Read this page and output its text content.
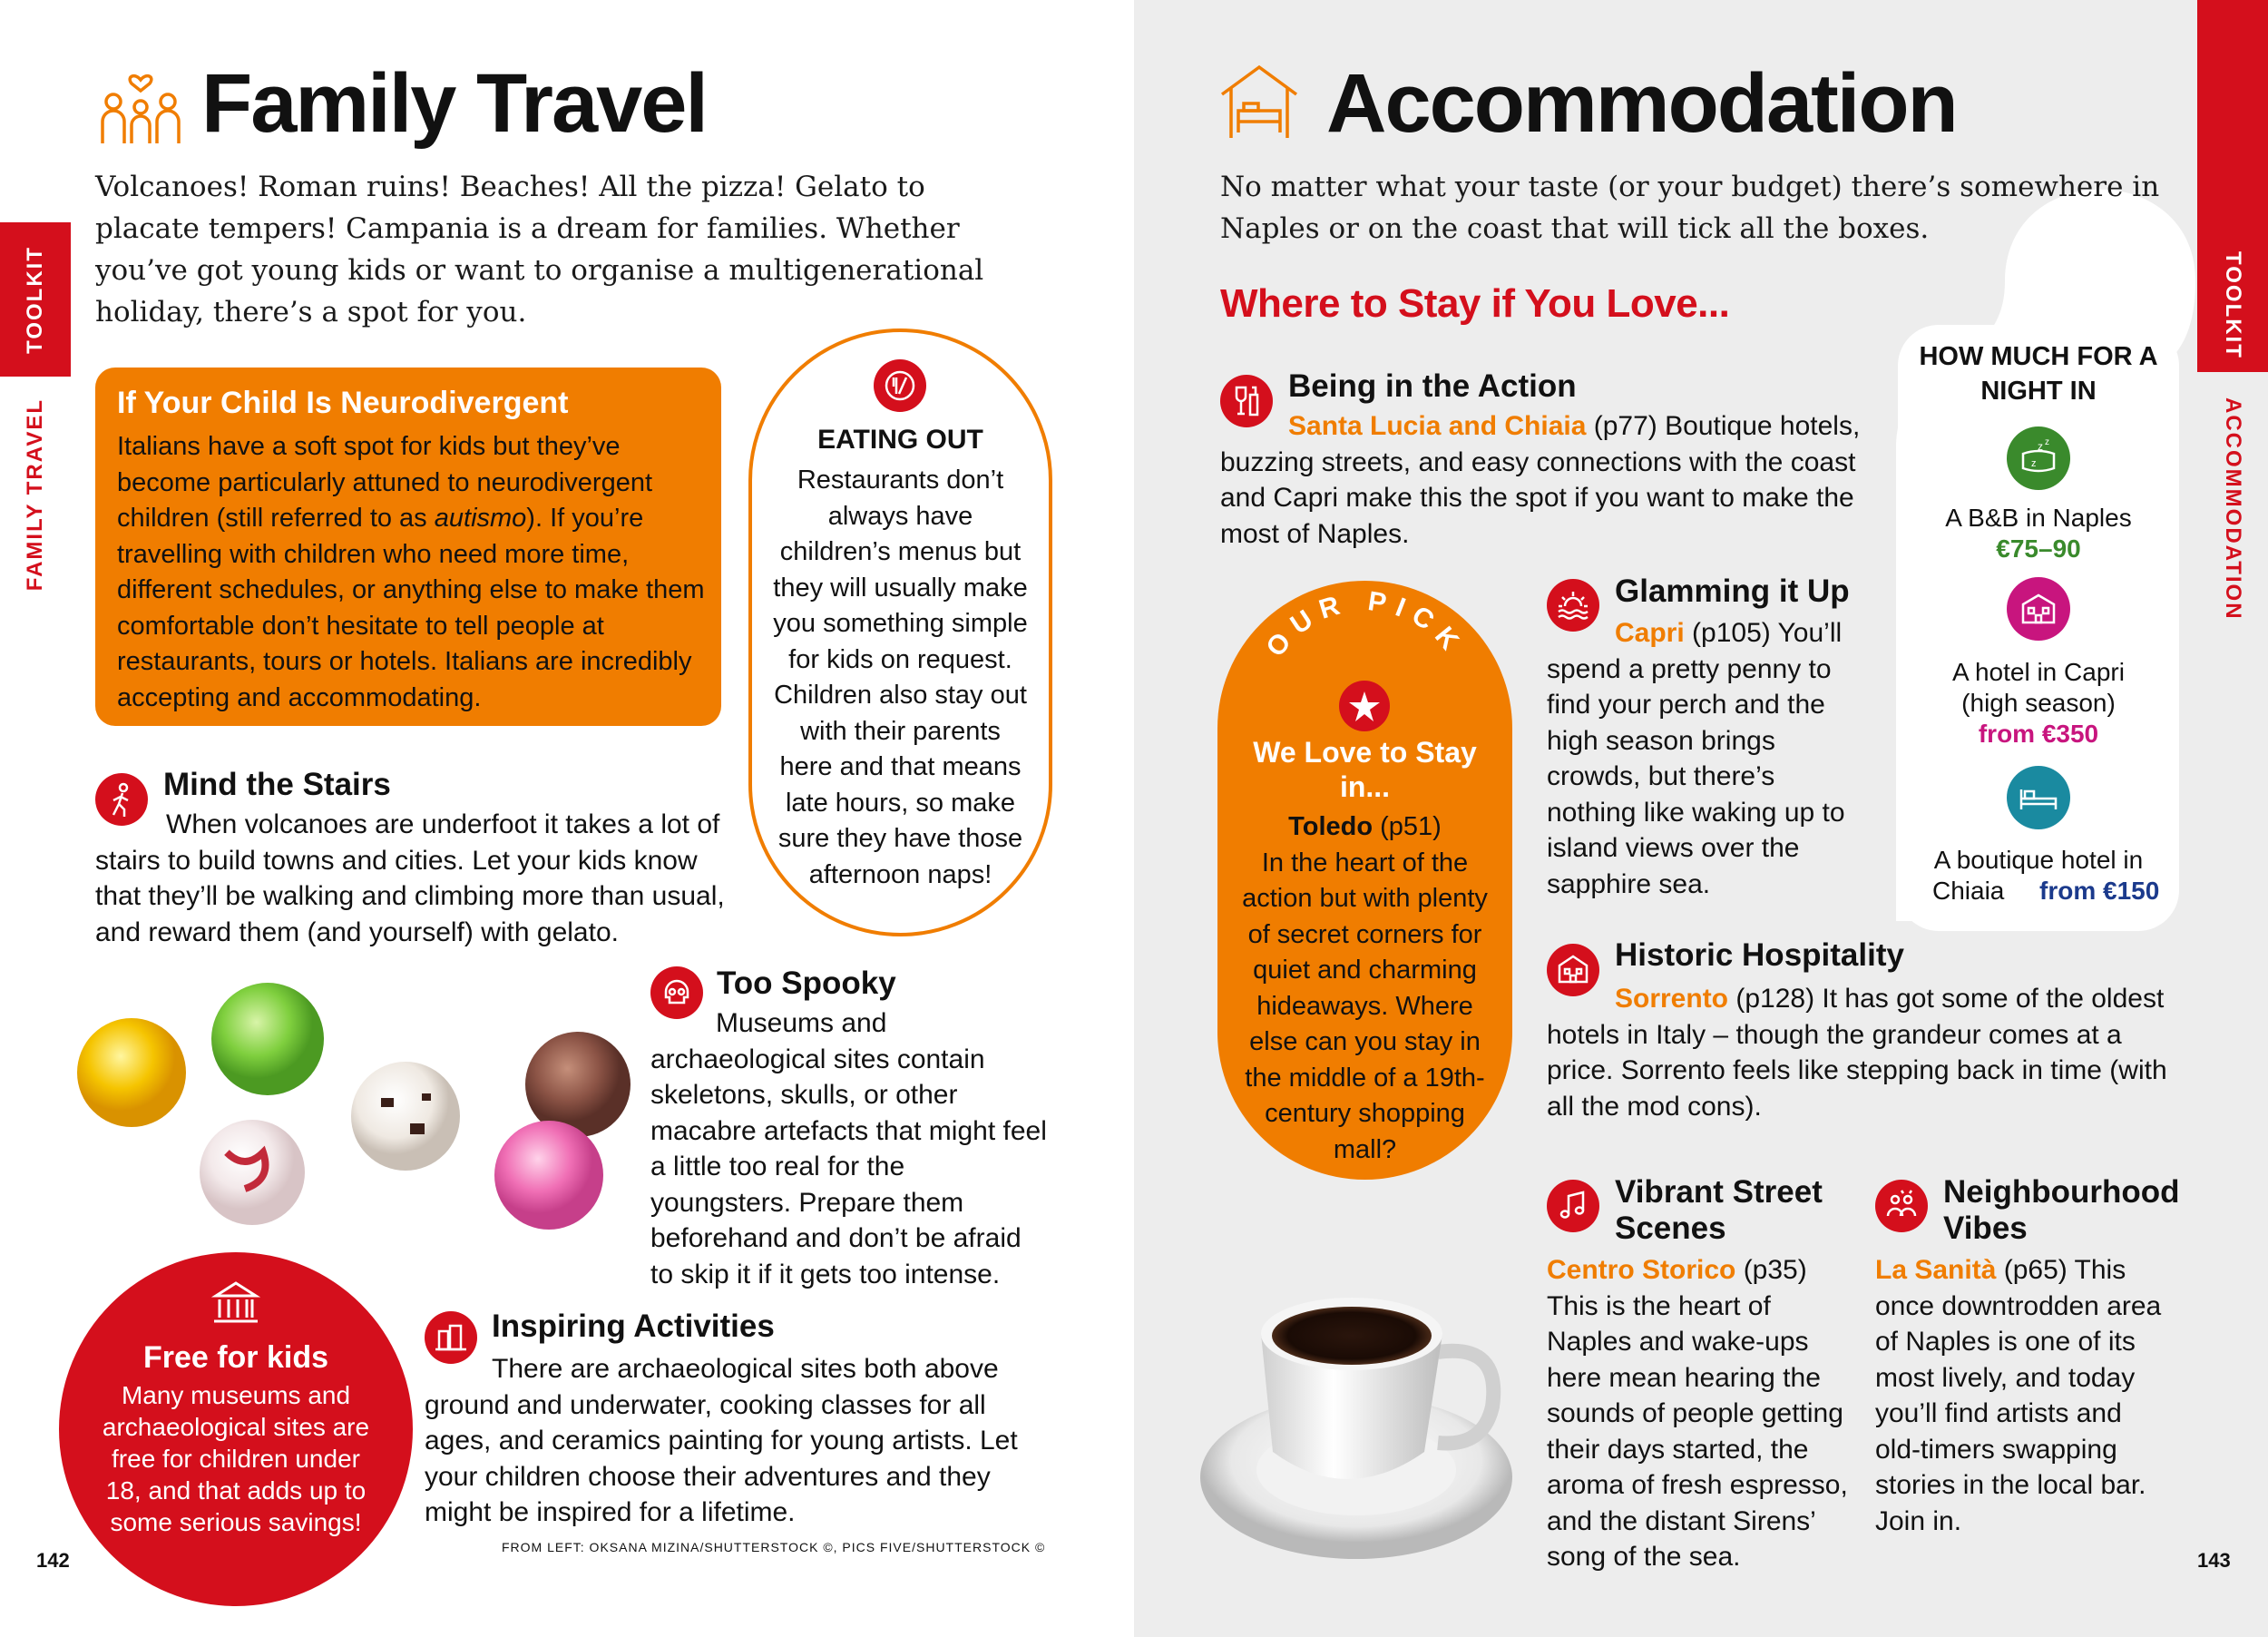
TOOLKIT
FAMILY TRAVEL
Family Travel
Volcanoes! Roman ruins! Beaches! All the pizza! Gelato to placate tempers! Campania is a dream for families. Whether you’ve got young kids or want to organise a multigenerational holiday, there’s a spot for you.
If Your Child Is Neurodivergent
Italians have a soft spot for kids but they’ve become particularly attuned to neurodivergent children (still referred to as autismo). If you’re travelling with children who need more time, different schedules, or anything else to make them comfortable don’t hesitate to tell people at restaurants, tours or hotels. Italians are incredibly accepting and accommodating.
EATING OUT
Restaurants don’t always have children’s menus but they will usually make you something simple for kids on request. Children also stay out with their parents here and that means late hours, so make sure they have those afternoon naps!
Mind the Stairs
When volcanoes are underfoot it takes a lot of stairs to build towns and cities. Let your kids know that they’ll be walking and climbing more than usual, and reward them (and yourself) with gelato.
Too Spooky
Museums and archaeological sites contain skeletons, skulls, or other macabre artefacts that might feel a little too real for the youngsters. Prepare them beforehand and don’t be afraid to skip it if it gets too intense.
Free for kids
Many museums and archaeological sites are free for children under 18, and that adds up to some serious savings!
Inspiring Activities
There are archaeological sites both above ground and underwater, cooking classes for all ages, and ceramics painting for young artists. Let your children choose their adventures and they might be inspired for a lifetime.
142
FROM LEFT: OKSANA MIZINA/SHUTTERSTOCK ©, PICS FIVE/SHUTTERSTOCK ©
Accommodation
No matter what your taste (or your budget) there’s somewhere in Naples or on the coast that will tick all the boxes.
Where to Stay if You Love...
Being in the Action
Santa Lucia and Chiaia (p77) Boutique hotels, buzzing streets, and easy connections with the coast and Capri make this the spot if you want to make the most of Naples.
Glamming it Up
Capri (p105) You’ll spend a pretty penny to find your perch and the high season brings crowds, but there’s nothing like waking up to island views over the sapphire sea.
OUR PICK
We Love to Stay in...
Toledo (p51)
In the heart of the action but with plenty of secret corners for quiet and charming hideaways. Where else can you stay in the middle of a 19th-century shopping mall?
HOW MUCH FOR A NIGHT IN
z z
z
A B&B in Naples
€75–90
A hotel in Capri (high season)
from €350
A boutique hotel in
from €150
Chiaia
Historic Hospitality
Sorrento (p128) It has got some of the oldest hotels in Italy – though the grandeur comes at a price. Sorrento feels like stepping back in time (with all the mod cons).
Vibrant Street Scenes
Centro Storico (p35) This is the heart of Naples and wake-ups here mean hearing the sounds of people getting their days started, the aroma of fresh espresso, and the distant Sirens’ song of the sea.
Neighbourhood Vibes
La Sanità (p65) This once downtrodden area of Naples is one of its most lively, and today you’ll find artists and old-timers swapping stories in the local bar. Join in.
TOOLKIT
ACCOMMODATION
143
